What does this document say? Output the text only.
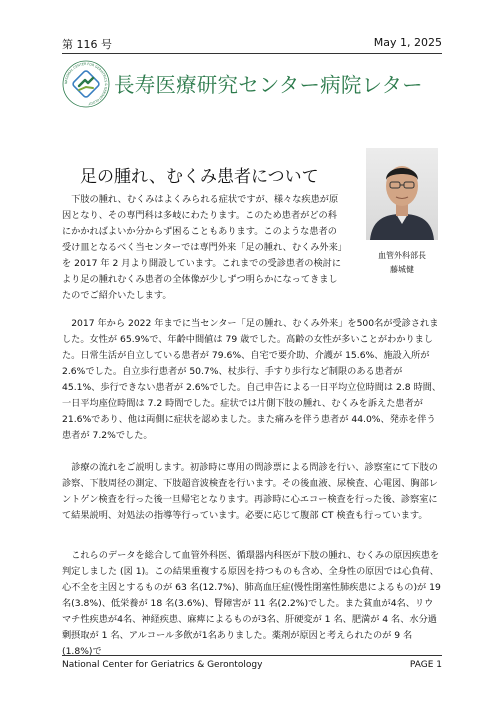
第 116 号	May 1, 2025
NATIONAL CENTER FOR GERIATRICS & GERONTOLOGY
長寿医療研究センター病院レター
足の腫れ、むくみ患者について
血管外科部長
藤城健

下肢の腫れ、むくみはよくみられる症状ですが、様々な疾患が原因となり、その専門科は多岐にわたります。このため患者がどの科にかかればよいか分からず困ることもあります。このような患者の受け皿となるべく当センターでは専門外来「足の腫れ、むくみ外来」を 2017 年 2 月より開設しています。これまでの受診患者の検討により足の腫れむくみ患者の全体像が少しずつ明らかになってきましたのでご紹介いたします。

2017 年から 2022 年までに当センター「足の腫れ、むくみ外来」を500名が受診されました。女性が 65.9%で、年齢中間値は 79 歳でした。高齢の女性が多いことがわかりました。日常生活が自立している患者が 79.6%、自宅で要介助、介護が 15.6%、施設入所が 2.6%でした。自立歩行患者が 50.7%、杖歩行、手すり歩行など制限のある患者が 45.1%、歩行できない患者が 2.6%でした。自己申告による一日平均立位時間は 2.8 時間、一日平均座位時間は 7.2 時間でした。症状では片側下肢の腫れ、むくみを訴えた患者が 21.6%であり、他は両側に症状を認めました。また痛みを伴う患者が 44.0%、発赤を伴う患者が 7.2%でした。

診療の流れをご説明します。初診時に専用の問診票による問診を行い、診察室にて下肢の診察、下肢周径の測定、下肢超音波検査を行います。その後血液、尿検査、心電図、胸部レントゲン検査を行った後一旦帰宅となります。再診時に心エコー検査を行った後、診察室にて結果説明、対処法の指導等行っています。必要に応じて腹部 CT 検査も行っています。

これらのデータを総合して血管外科医、循環器内科医が下肢の腫れ、むくみの原因疾患を判定しました (図 1)。この結果重複する原因を持つものも含め、全身性の原因では心負荷、心不全を主因とするものが 63 名(12.7%)、肺高血圧症(慢性閉塞性肺疾患によるもの)が 19 名(3.8%)、低栄養が 18 名(3.6%)、腎障害が 11 名(2.2%)でした。また貧血が4名、リウマチ性疾患が4名、神経疾患、麻痺によるものが3名、肝硬変が 1 名、肥満が 4 名、水分過剰摂取が 1 名、アルコール多飲が1名ありました。薬剤が原因と考えられたのが 9 名(1.8%)で

National Center for Geriatrics & Gerontology	PAGE 1
